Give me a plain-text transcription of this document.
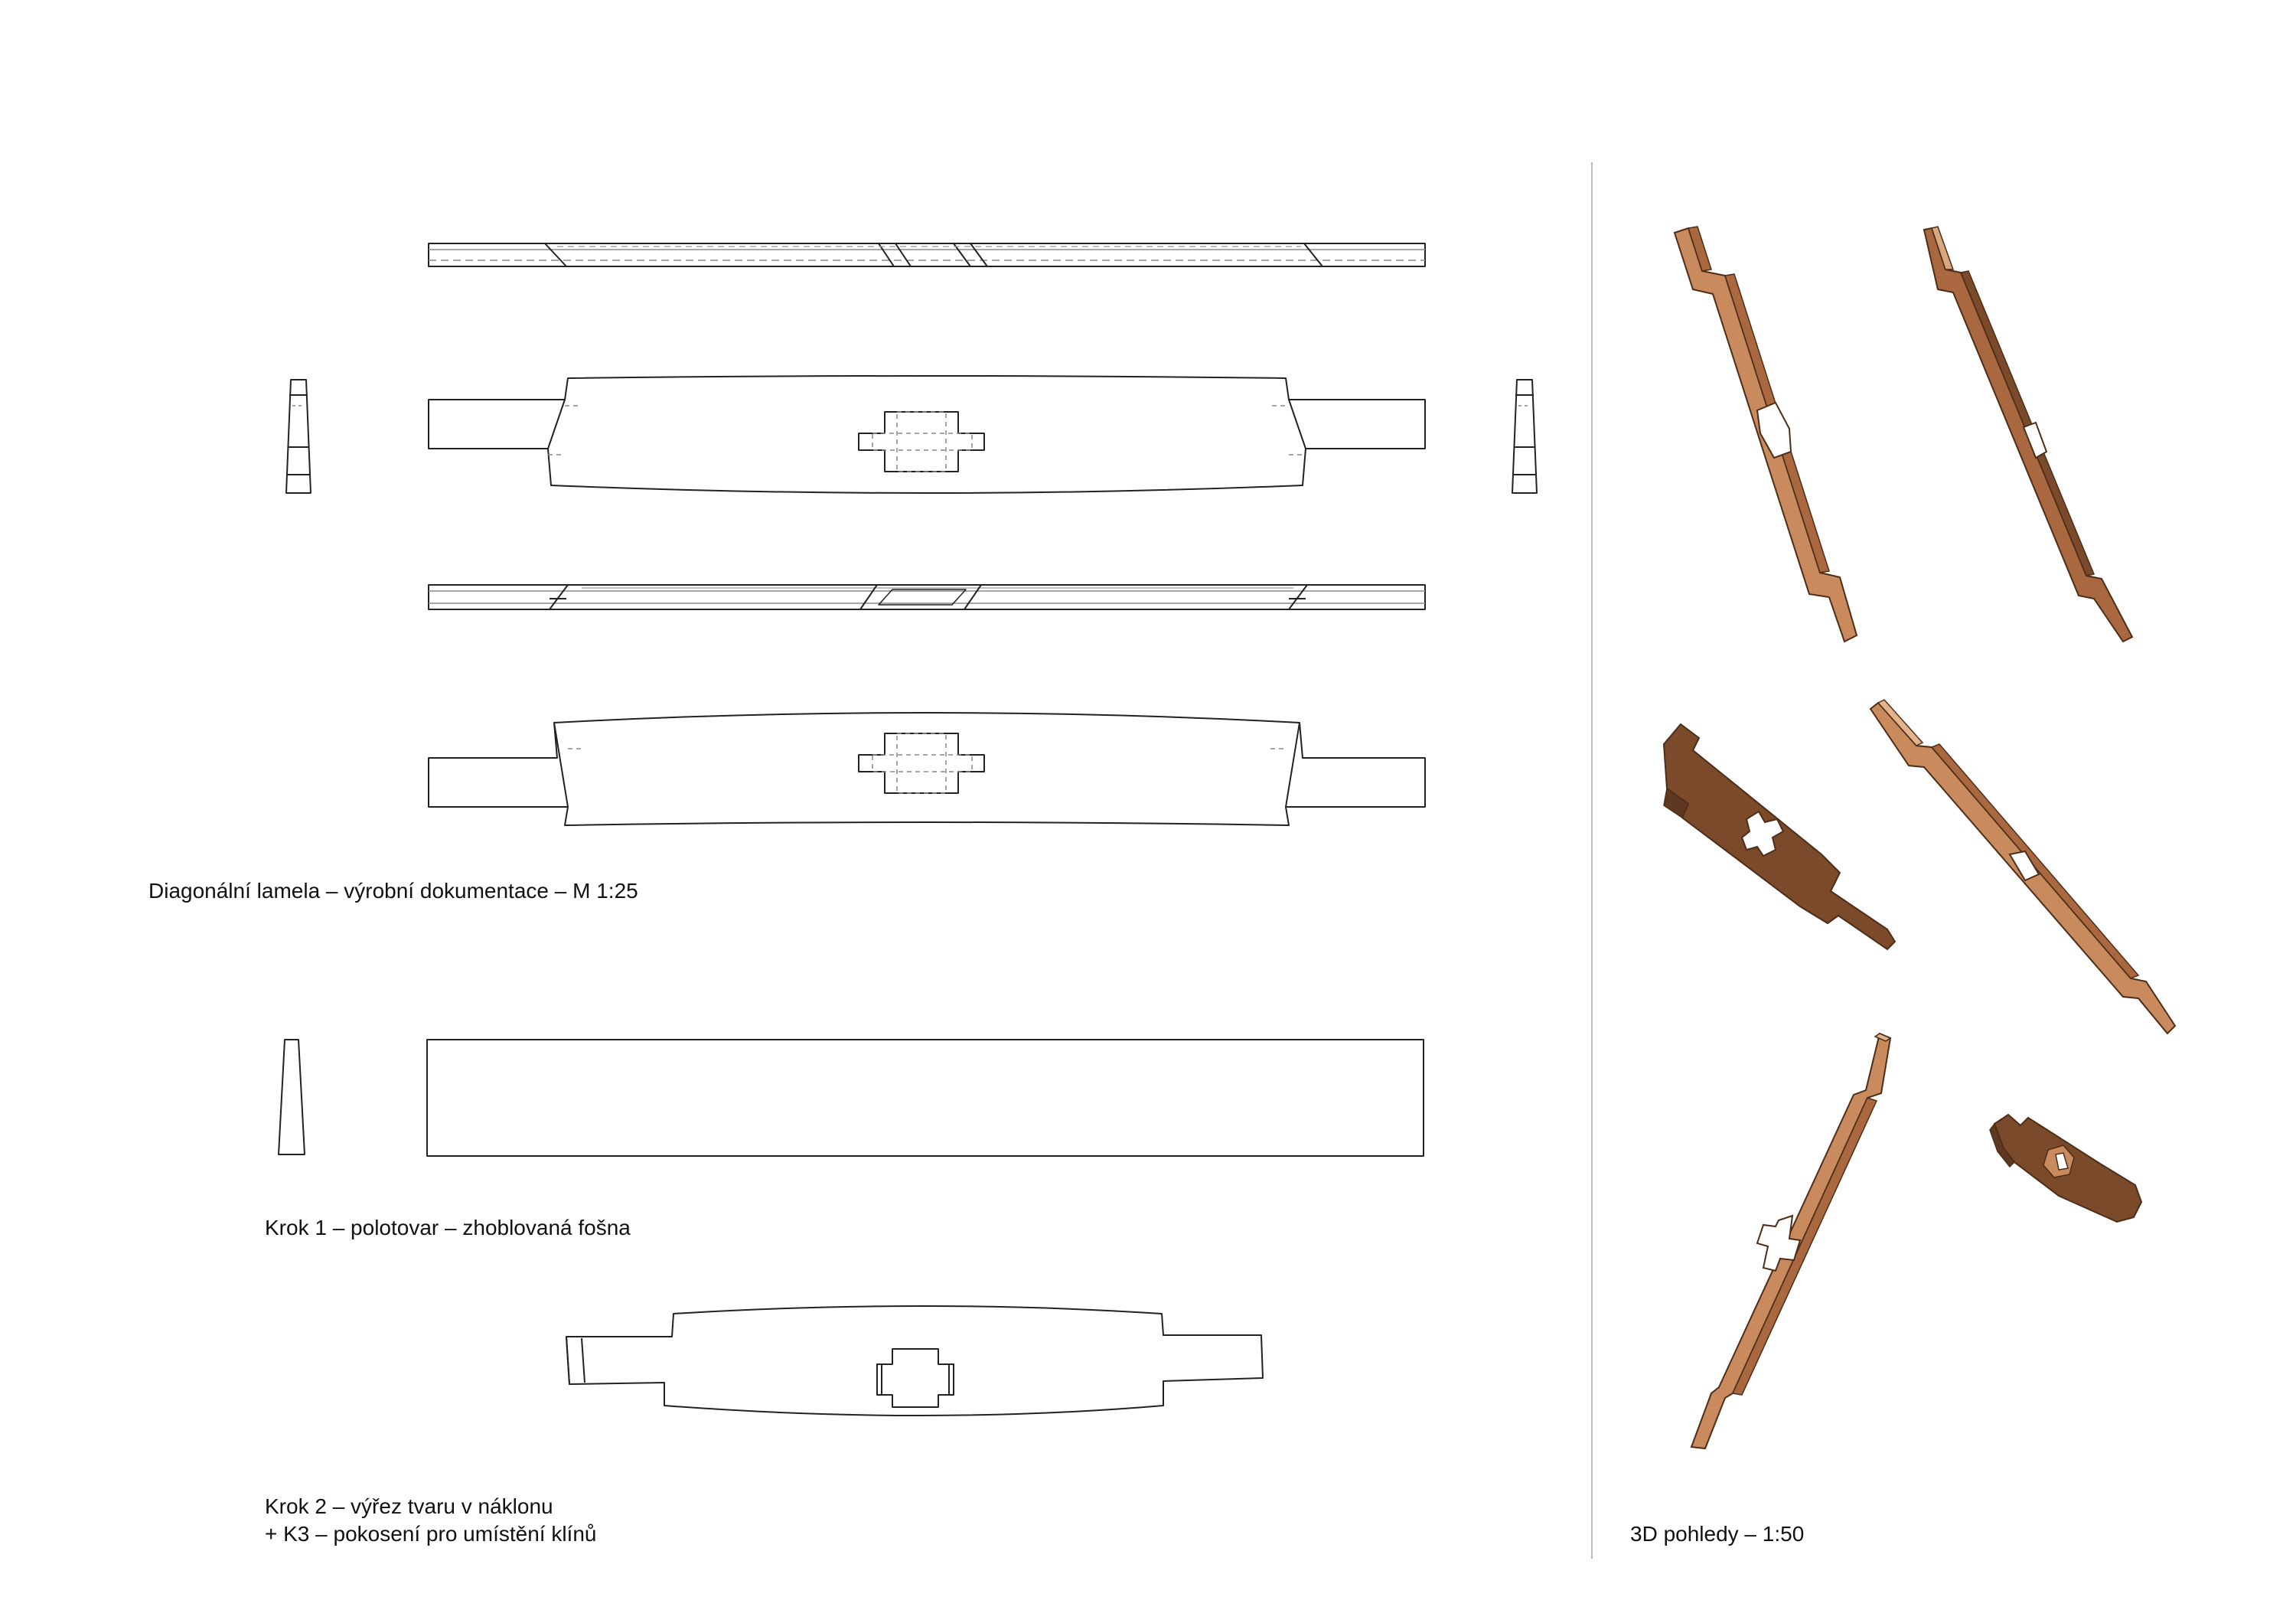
Diagonální lamela – výrobní dokumentace – M 1:25
Krok 1 – polotovar – zhoblovaná fošna
Krok 2 – výřez tvaru v náklonu
+ K3 – pokosení pro umístění klínů	3D pohledy – 1:50
